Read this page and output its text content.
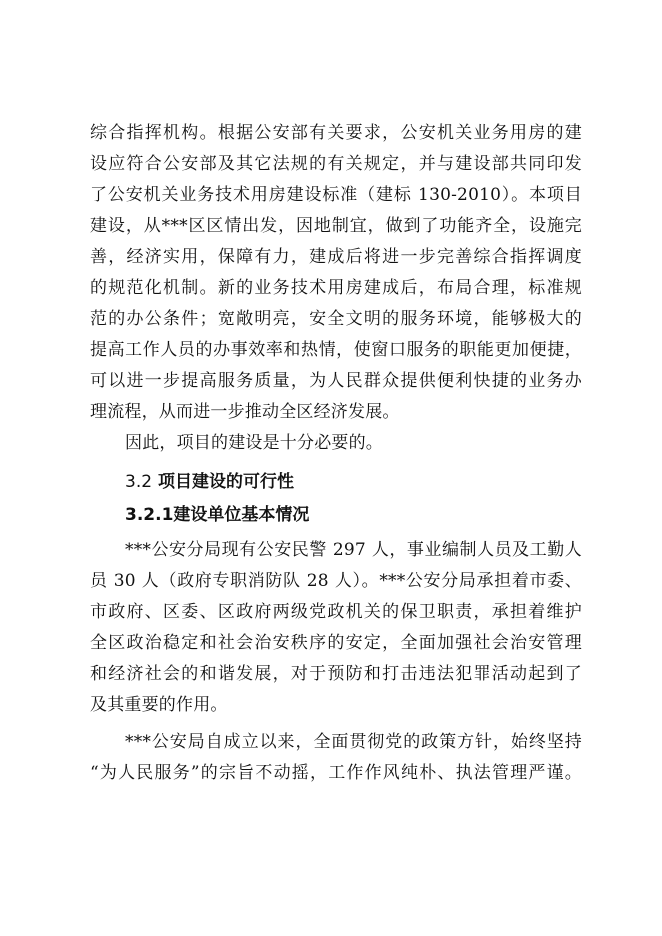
综合指挥机构。根据公安部有关要求，公安机关业务用房的建
设应符合公安部及其它法规的有关规定，并与建设部共同印发
了公安机关业务技术用房建设标准（建标 130-2010）。本项目
建设，从***区区情出发，因地制宜，做到了功能齐全，设施完
善，经济实用，保障有力，建成后将进一步完善综合指挥调度
的规范化机制。新的业务技术用房建成后，布局合理，标准规
范的办公条件；宽敞明亮，安全文明的服务环境，能够极大的
提高工作人员的办事效率和热情，使窗口服务的职能更加便捷，
可以进一步提高服务质量，为人民群众提供便利快捷的业务办
理流程，从而进一步推动全区经济发展。
因此，项目的建设是十分必要的。
3.2 项目建设的可行性
3.2.1建设单位基本情况
***公安分局现有公安民警 297 人，事业编制人员及工勤人
员 30 人（政府专职消防队 28 人）。***公安分局承担着市委、
市政府、区委、区政府两级党政机关的保卫职责，承担着维护
全区政治稳定和社会治安秩序的安定，全面加强社会治安管理
和经济社会的和谐发展，对于预防和打击违法犯罪活动起到了
及其重要的作用。
***公安局自成立以来，全面贯彻党的政策方针，始终坚持
“为人民服务”的宗旨不动摇，工作作风纯朴、执法管理严谨。
